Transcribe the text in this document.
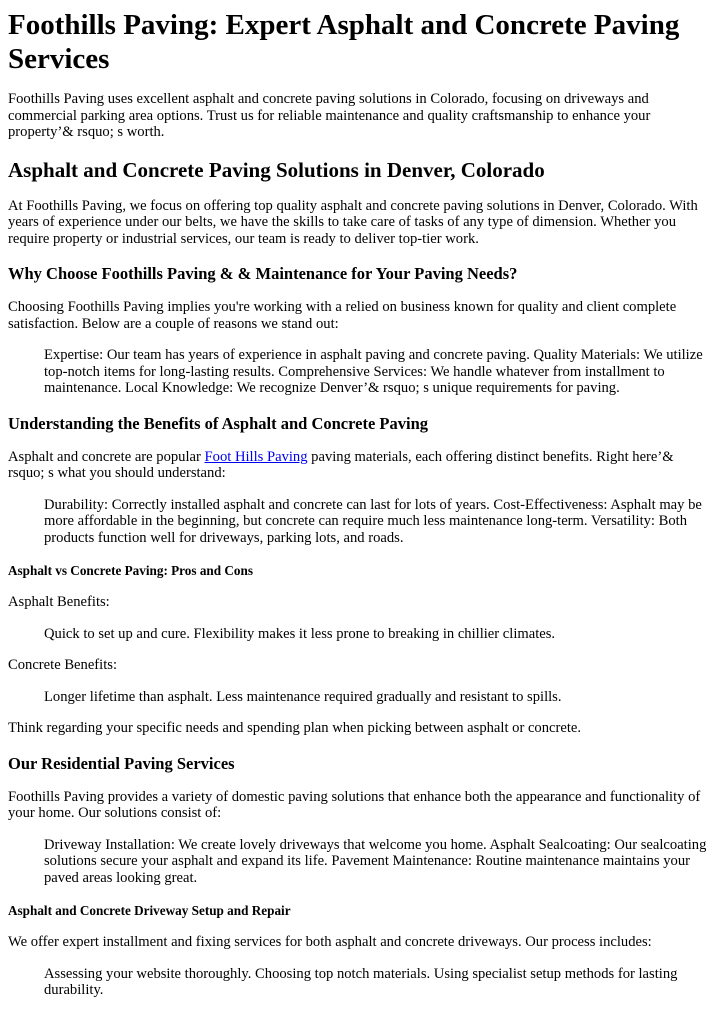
Foothills Paving: Expert Asphalt and Concrete Paving Services

Foothills Paving uses excellent asphalt and concrete paving solutions in Colorado, focusing on driveways and commercial parking area options. Trust us for reliable maintenance and quality craftsmanship to enhance your property’& rsquo; s worth.

Asphalt and Concrete Paving Solutions in Denver, Colorado

At Foothills Paving, we focus on offering top quality asphalt and concrete paving solutions in Denver, Colorado. With years of experience under our belts, we have the skills to take care of tasks of any type of dimension. Whether you require property or industrial services, our team is ready to deliver top-tier work.

Why Choose Foothills Paving & & Maintenance for Your Paving Needs?

Choosing Foothills Paving implies you're working with a relied on business known for quality and client complete satisfaction. Below are a couple of reasons we stand out:

Expertise: Our team has years of experience in asphalt paving and concrete paving. Quality Materials: We utilize top-notch items for long-lasting results. Comprehensive Services: We handle whatever from installment to maintenance. Local Knowledge: We recognize Denver’& rsquo; s unique requirements for paving.
Understanding the Benefits of Asphalt and Concrete Paving

Asphalt and concrete are popular Foot Hills Paving paving materials, each offering distinct benefits. Right here’& rsquo; s what you should understand:

Durability: Correctly installed asphalt and concrete can last for lots of years. Cost-Effectiveness: Asphalt may be more affordable in the beginning, but concrete can require much less maintenance long-term. Versatility: Both products function well for driveways, parking lots, and roads.
Asphalt vs Concrete Paving: Pros and Cons

Asphalt Benefits:

Quick to set up and cure. Flexibility makes it less prone to breaking in chillier climates.

Concrete Benefits:

Longer lifetime than asphalt. Less maintenance required gradually and resistant to spills.

Think regarding your specific needs and spending plan when picking between asphalt or concrete.

Our Residential Paving Services

Foothills Paving provides a variety of domestic paving solutions that enhance both the appearance and functionality of your home. Our solutions consist of:

Driveway Installation: We create lovely driveways that welcome you home. Asphalt Sealcoating: Our sealcoating solutions secure your asphalt and expand its life. Pavement Maintenance: Routine maintenance maintains your paved areas looking great.
Asphalt and Concrete Driveway Setup and Repair

We offer expert installment and fixing services for both asphalt and concrete driveways. Our process includes:

Assessing your website thoroughly. Choosing top notch materials. Using specialist setup methods for lasting durability.
